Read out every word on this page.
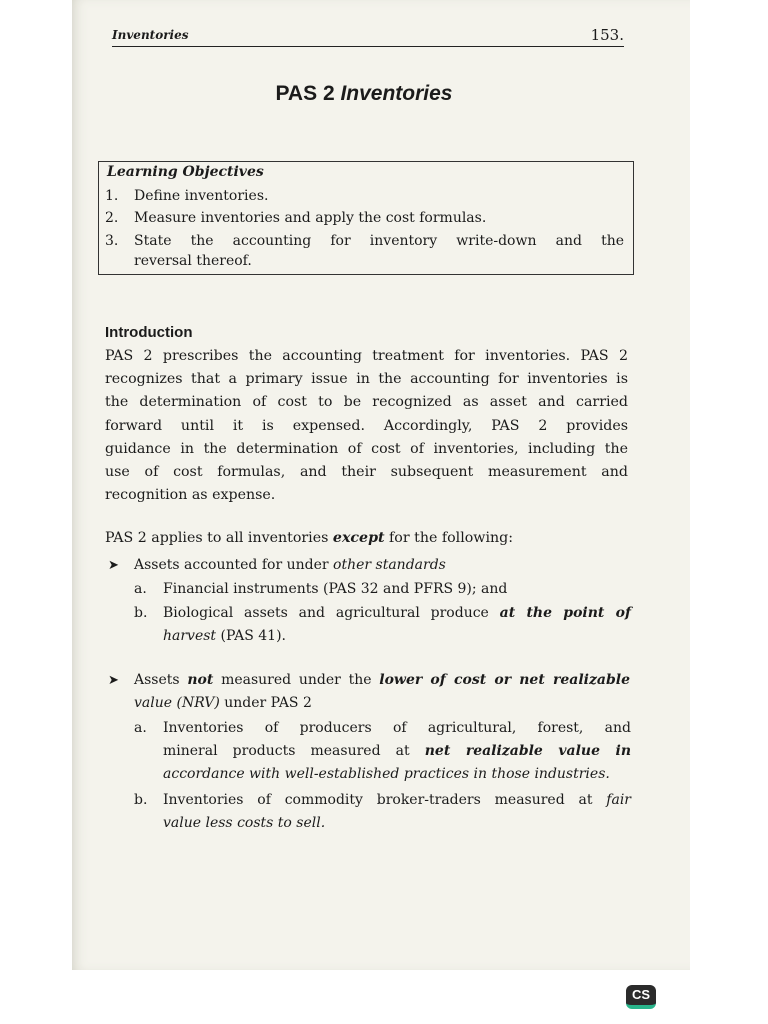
Inventories	153.
PAS 2 Inventories
Learning Objectives
1. Define inventories.
2. Measure inventories and apply the cost formulas.
3. State the accounting for inventory write-down and the
reversal thereof.
Introduction
PAS 2 prescribes the accounting treatment for inventories. PAS 2
recognizes that a primary issue in the accounting for inventories is
the determination of cost to be recognized as asset and carried
forward until it is expensed. Accordingly, PAS 2 provides
guidance in the determination of cost of inventories, including the
use of cost formulas, and their subsequent measurement and
recognition as expense.
PAS 2 applies to all inventories except for the following:
➤ Assets accounted for under other standards
a. Financial instruments (PAS 32 and PFRS 9); and
b. Biological assets and agricultural produce at the point of
harvest (PAS 41).
➤ Assets not measured under the lower of cost or net realizable
value (NRV) under PAS 2
a. Inventories of producers of agricultural, forest, and
mineral products measured at net realizable value in
accordance with well-established practices in those industries.
b. Inventories of commodity broker-traders measured at fair
value less costs to sell.
CS
